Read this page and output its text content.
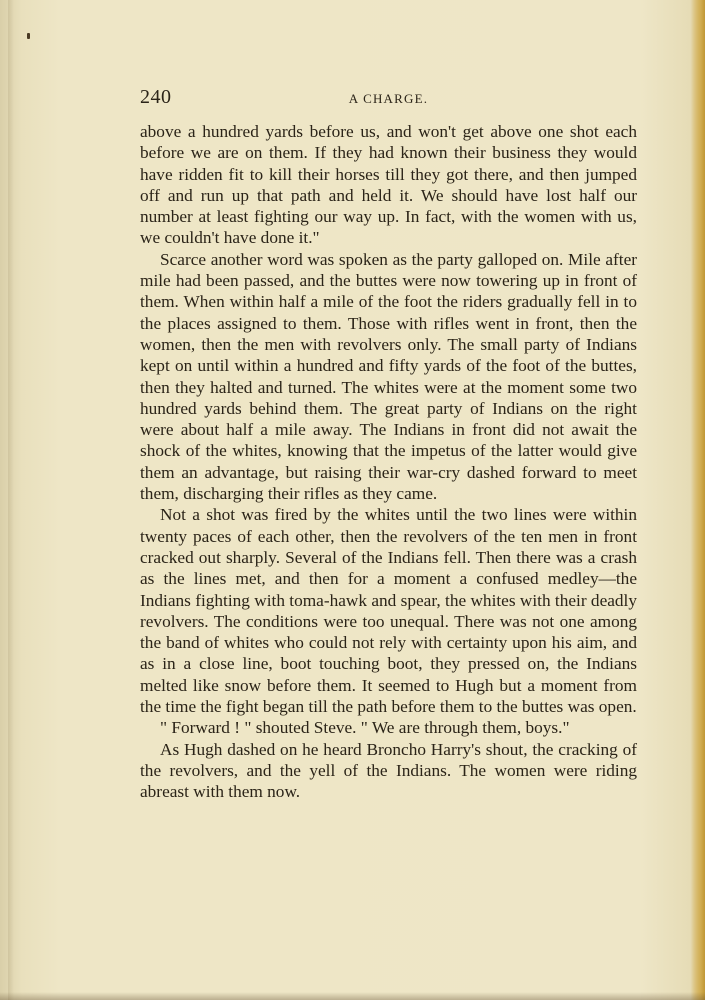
240	A CHARGE.

above a hundred yards before us, and won't get above one shot each before we are on them. If they had known their business they would have ridden fit to kill their horses till they got there, and then jumped off and run up that path and held it. We should have lost half our number at least fighting our way up. In fact, with the women with us, we couldn't have done it."

Scarce another word was spoken as the party galloped on. Mile after mile had been passed, and the buttes were now towering up in front of them. When within half a mile of the foot the riders gradually fell in to the places assigned to them. Those with rifles went in front, then the women, then the men with revolvers only. The small party of Indians kept on until within a hundred and fifty yards of the foot of the buttes, then they halted and turned. The whites were at the moment some two hundred yards behind them. The great party of Indians on the right were about half a mile away. The Indians in front did not await the shock of the whites, knowing that the impetus of the latter would give them an advantage, but raising their war-cry dashed forward to meet them, discharging their rifles as they came.

Not a shot was fired by the whites until the two lines were within twenty paces of each other, then the revolvers of the ten men in front cracked out sharply. Several of the Indians fell. Then there was a crash as the lines met, and then for a moment a confused medley—the Indians fighting with toma-hawk and spear, the whites with their deadly revolvers. The conditions were too unequal. There was not one among the band of whites who could not rely with certainty upon his aim, and as in a close line, boot touching boot, they pressed on, the Indians melted like snow before them. It seemed to Hugh but a moment from the time the fight began till the path before them to the buttes was open.

" Forward ! " shouted Steve. " We are through them, boys."

As Hugh dashed on he heard Broncho Harry's shout, the cracking of the revolvers, and the yell of the Indians. The women were riding abreast with them now.
